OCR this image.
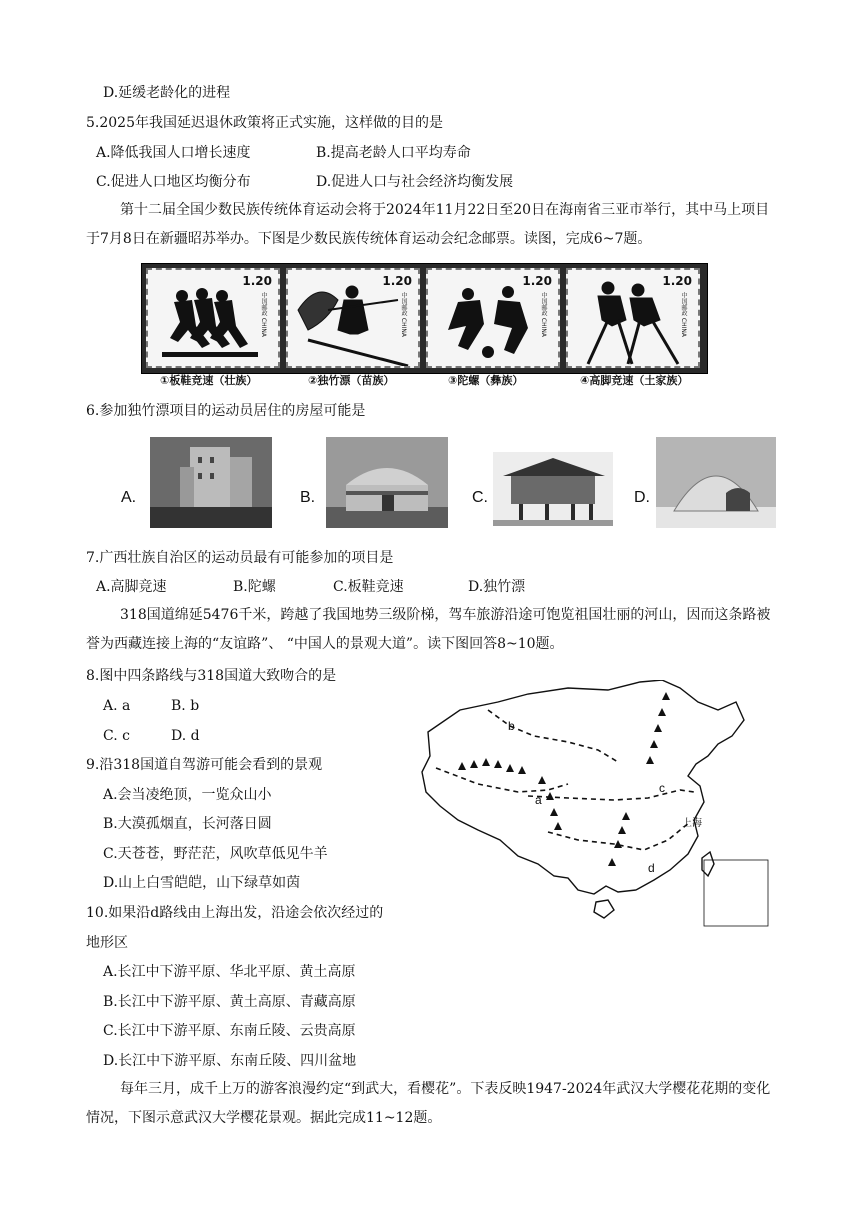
D.延缓老龄化的进程
5.2025年我国延迟退休政策将正式实施，这样做的目的是
A.降低我国人口增长速度	B.提高老龄人口平均寿命
C.促进人口地区均衡分布	D.促进人口与社会经济均衡发展
第十二届全国少数民族传统体育运动会将于2024年11月22日至20日在海南省三亚市举行，其中马上项目于7月8日在新疆昭苏举办。下图是少数民族传统体育运动会纪念邮票。读图，完成6~7题。
1.20
中国邮政 CHINA
1.20
中国邮政 CHINA
1.20
中国邮政 CHINA
1.20
中国邮政 CHINA
①板鞋竞速（壮族）	②独竹漂（苗族）	③陀螺（彝族）	④高脚竞速（土家族）
6.参加独竹漂项目的运动员居住的房屋可能是
A.	B.	C.	D.
7.广西壮族自治区的运动员最有可能参加的项目是
A.高脚竞速	B.陀螺	C.板鞋竞速	D.独竹漂
318国道绵延5476千米，跨越了我国地势三级阶梯，驾车旅游沿途可饱览祖国壮丽的河山，因而这条路被誉为西藏连接上海的“友谊路”、 “中国人的景观大道”。读下图回答8~10题。
8.图中四条路线与318国道大致吻合的是
A. a	B. b
C. c	D. d
9.沿318国道自驾游可能会看到的景观
A.会当凌绝顶，一览众山小
B.大漠孤烟直，长河落日圆
C.天苍苍，野茫茫，风吹草低见牛羊
D.山上白雪皑皑，山下绿草如茵
10.如果沿d路线由上海出发，沿途会依次经过的
地形区
A.长江中下游平原、华北平原、黄土高原
B.长江中下游平原、黄土高原、青藏高原
C.长江中下游平原、东南丘陵、云贵高原
D.长江中下游平原、东南丘陵、四川盆地
b
a
c
d
上海
每年三月，成千上万的游客浪漫约定“到武大，看樱花”。下表反映1947-2024年武汉大学樱花花期的变化情况，下图示意武汉大学樱花景观。据此完成11~12题。
